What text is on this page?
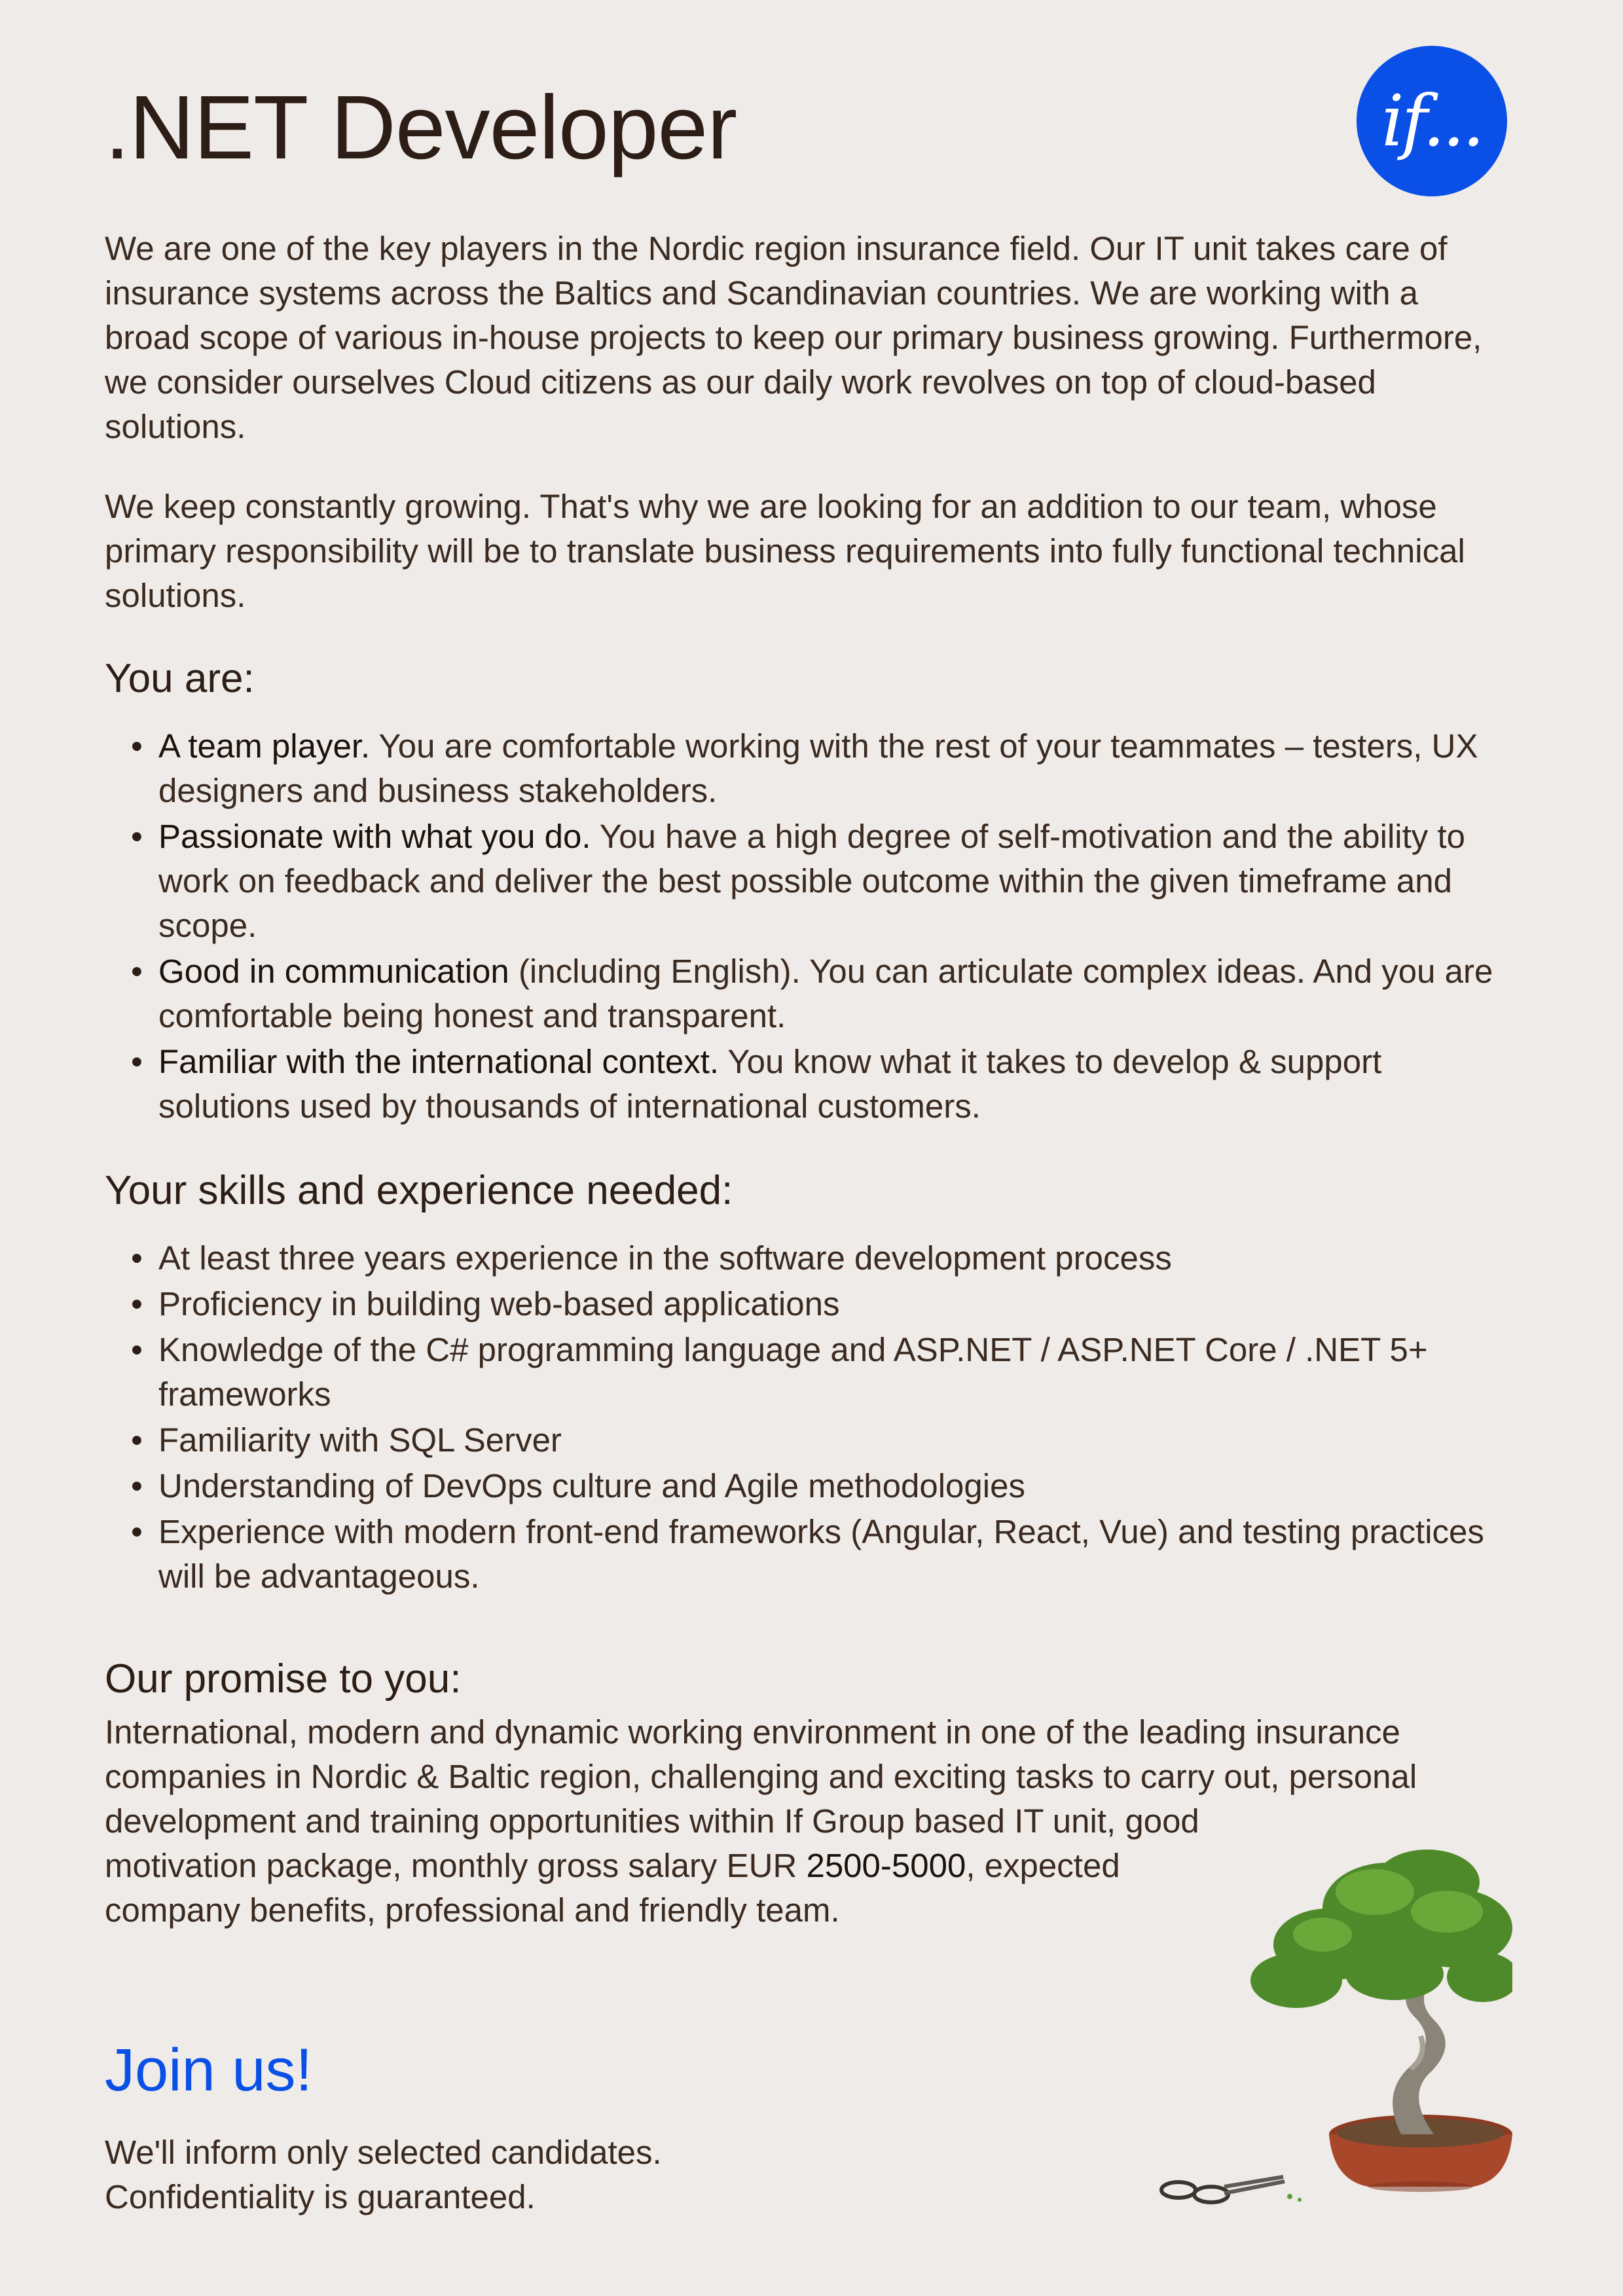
.NET Developer	if...

We are one of the key players in the Nordic region insurance field. Our IT unit takes care of insurance systems across the Baltics and Scandinavian countries. We are working with a broad scope of various in-house projects to keep our primary business growing. Furthermore, we consider ourselves Cloud citizens as our daily work revolves on top of cloud-based solutions.

We keep constantly growing. That's why we are looking for an addition to our team, whose primary responsibility will be to translate business requirements into fully functional technical solutions.

You are:
• A team player. You are comfortable working with the rest of your teammates – testers, UX designers and business stakeholders.
• Passionate with what you do. You have a high degree of self-motivation and the ability to work on feedback and deliver the best possible outcome within the given timeframe and scope.
• Good in communication (including English). You can articulate complex ideas. And you are comfortable being honest and transparent.
• Familiar with the international context. You know what it takes to develop & support solutions used by thousands of international customers.
Your skills and experience needed:
• At least three years experience in the software development process
• Proficiency in building web-based applications
• Knowledge of the C# programming language and ASP.NET / ASP.NET Core / .NET 5+ frameworks
• Familiarity with SQL Server
• Understanding of DevOps culture and Agile methodologies
• Experience with modern front-end frameworks (Angular, React, Vue) and testing practices will be advantageous.
Our promise to you:
International, modern and dynamic working environment in one of the leading insurance
companies in Nordic & Baltic region, challenging and exciting tasks to carry out, personal
development and training opportunities within If Group based IT unit, good
motivation package, monthly gross salary EUR 2500-5000, expected
company benefits, professional and friendly team.
Join us!
We'll inform only selected candidates.
Confidentiality is guaranteed.
